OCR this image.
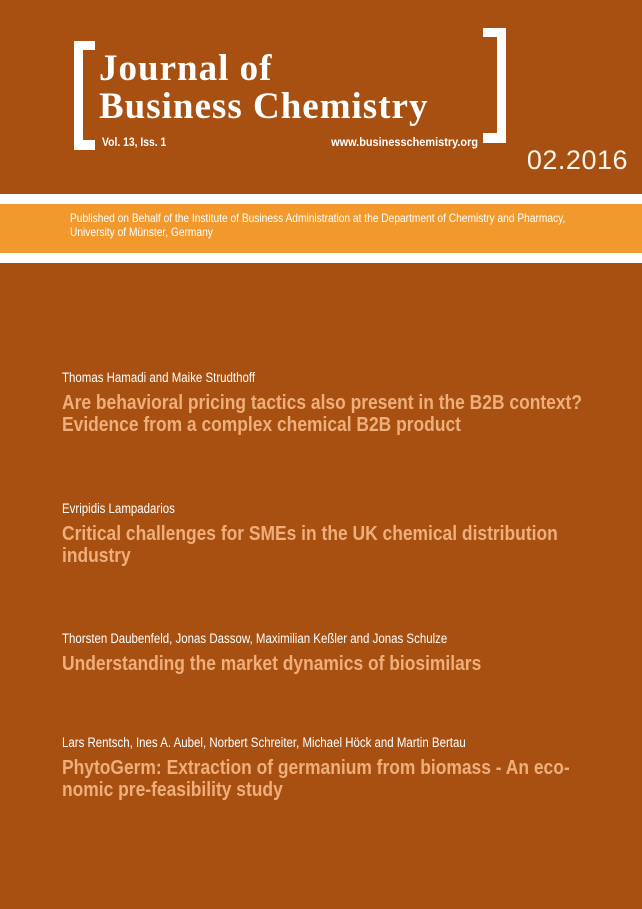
Journal of
Business Chemistry
Vol. 13, Iss. 1	www.businesschemistry.org
02.2016
Published on Behalf of the Institute of Business Administration at the Department of Chemistry and Pharmacy,
University of Münster, Germany
Thomas Hamadi and Maike Strudthoff
Are behavioral pricing tactics also present in the B2B context?
Evidence from a complex chemical B2B product
Evripidis Lampadarios
Critical challenges for SMEs in the UK chemical distribution
industry
Thorsten Daubenfeld, Jonas Dassow, Maximilian Keßler and Jonas Schulze
Understanding the market dynamics of biosimilars
Lars Rentsch, Ines A. Aubel, Norbert Schreiter, Michael Höck and Martin Bertau
PhytoGerm: Extraction of germanium from biomass - An eco-
nomic pre-feasibility study
